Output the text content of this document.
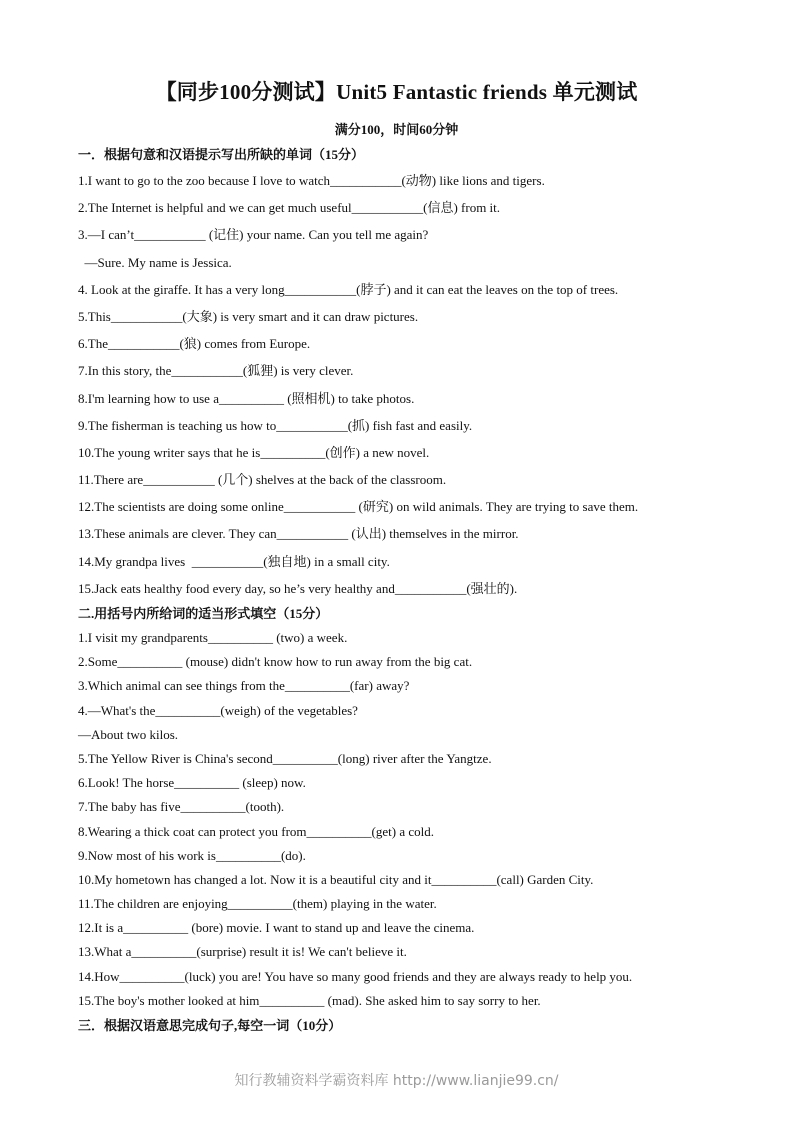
【同步100分测试】Unit5 Fantastic friends 单元测试
满分100，时间60分钟
一．根据句意和汉语提示写出所缺的单词（15分）
1.I want to go to the zoo because I love to watch___________(动物) like lions and tigers.
2.The Internet is helpful and we can get much useful___________(信息) from it.
3.—I can’t___________ (记住) your name. Can you tell me again?
—Sure. My name is Jessica.
4. Look at the giraffe. It has a very long___________(脖子) and it can eat the leaves on the top of trees.
5.This___________(大象) is very smart and it can draw pictures.
6.The___________(狼) comes from Europe.
7.In this story, the___________(狐狸) is very clever.
8.I'm learning how to use a__________ (照相机) to take photos.
9.The fisherman is teaching us how to___________(抓) fish fast and easily.
10.The young writer says that he is__________(创作) a new novel.
11.There are___________ (几个) shelves at the back of the classroom.
12.The scientists are doing some online___________ (研究) on wild animals. They are trying to save them.
13.These animals are clever. They can___________ (认出) themselves in the mirror.
14.My grandpa lives  ___________(独自地) in a small city.
15.Jack eats healthy food every day, so he’s very healthy and___________(强壮的).
二.用括号内所给词的适当形式填空（15分）
1.I visit my grandparents__________ (two) a week.
2.Some__________ (mouse) didn't know how to run away from the big cat.
3.Which animal can see things from the__________(far) away?
4.—What's the__________(weigh) of the vegetables?
—About two kilos.
5.The Yellow River is China's second__________(long) river after the Yangtze.
6.Look! The horse__________ (sleep) now.
7.The baby has five__________(tooth).
8.Wearing a thick coat can protect you from__________(get) a cold.
9.Now most of his work is__________(do).
10.My hometown has changed a lot. Now it is a beautiful city and it__________(call) Garden City.
11.The children are enjoying__________(them) playing in the water.
12.It is a__________ (bore) movie. I want to stand up and leave the cinema.
13.What a__________(surprise) result it is! We can't believe it.
14.How__________(luck) you are! You have so many good friends and they are always ready to help you.
15.The boy's mother looked at him__________ (mad). She asked him to say sorry to her.
三．根据汉语意思完成句子,每空一词（10分）
知行教辅资料学霸资料库 http://www.lianjie99.cn/
